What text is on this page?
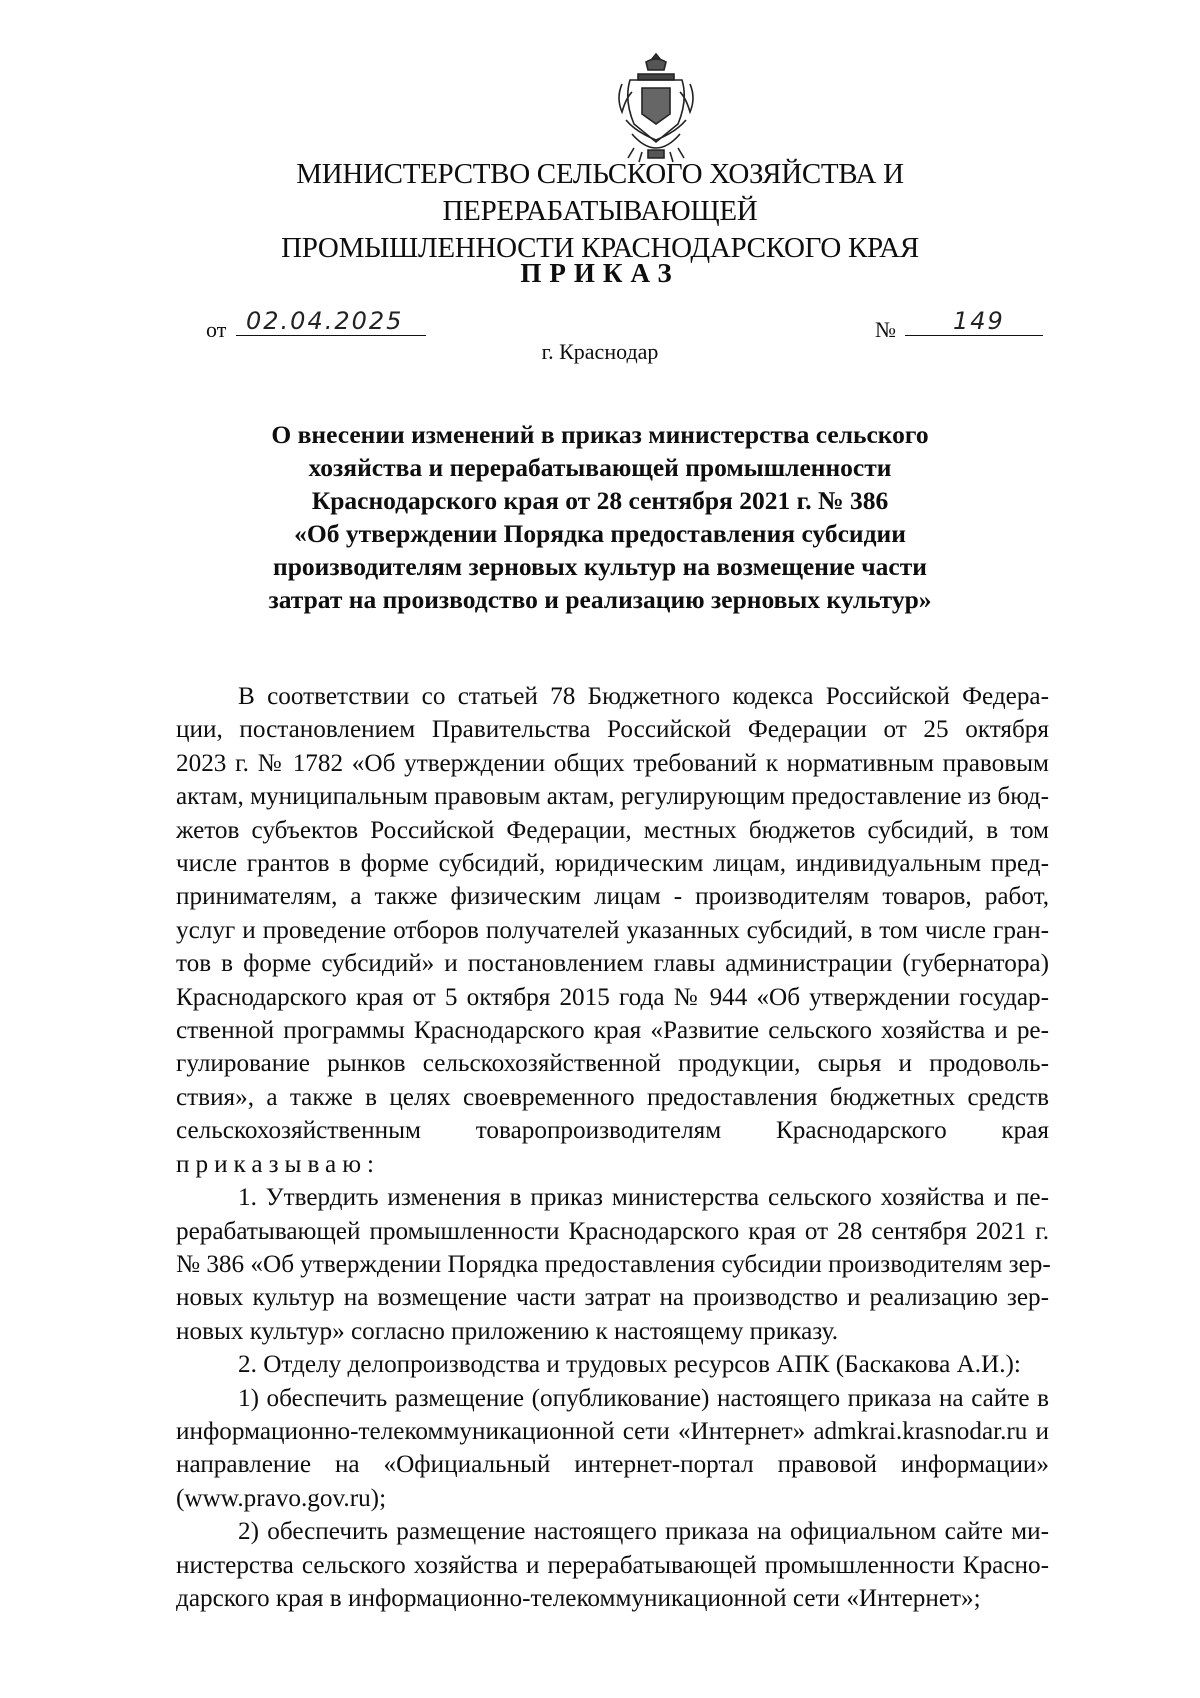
МИНИСТЕРСТВО СЕЛЬСКОГО ХОЗЯЙСТВА И ПЕРЕРАБАТЫВАЮЩЕЙ
ПРОМЫШЛЕННОСТИ КРАСНОДАРСКОГО КРАЯ
ПРИКАЗ
от 02.04.2025	№	149
г. Краснодар
О внесении изменений в приказ министерства сельского
хозяйства и перерабатывающей промышленности
Краснодарского края от 28 сентября 2021 г. № 386
«Об утверждении Порядка предоставления субсидии
производителям зерновых культур на возмещение части
затрат на производство и реализацию зерновых культур»
В соответствии со статьей 78 Бюджетного кодекса Российской Федера-
ции, постановлением Правительства Российской Федерации от 25 октября
2023 г. № 1782 «Об утверждении общих требований к нормативным правовым
актам, муниципальным правовым актам, регулирующим предоставление из бюд-
жетов субъектов Российской Федерации, местных бюджетов субсидий, в том
числе грантов в форме субсидий, юридическим лицам, индивидуальным пред-
принимателям, а также физическим лицам - производителям товаров, работ,
услуг и проведение отборов получателей указанных субсидий, в том числе гран-
тов в форме субсидий» и постановлением главы администрации (губернатора)
Краснодарского края от 5 октября 2015 года № 944 «Об утверждении государ-
ственной программы Краснодарского края «Развитие сельского хозяйства и ре-
гулирование рынков сельскохозяйственной продукции, сырья и продоволь-
ствия», а также в целях своевременного предоставления бюджетных средств
сельскохозяйственным товаропроизводителям Краснодарского края
приказываю:
1. Утвердить изменения в приказ министерства сельского хозяйства и пе-
рерабатывающей промышленности Краснодарского края от 28 сентября 2021 г.
№ 386 «Об утверждении Порядка предоставления субсидии производителям зер-
новых культур на возмещение части затрат на производство и реализацию зер-
новых культур» согласно приложению к настоящему приказу.
2. Отделу делопроизводства и трудовых ресурсов АПК (Баскакова А.И.):
1) обеспечить размещение (опубликование) настоящего приказа на сайте в
информационно-телекоммуникационной сети «Интернет» admkrai.krasnodar.ru и
направление на «Официальный интернет-портал правовой информации»
(www.pravo.gov.ru);
2) обеспечить размещение настоящего приказа на официальном сайте ми-
нистерства сельского хозяйства и перерабатывающей промышленности Красно-
дарского края в информационно-телекоммуникационной сети «Интернет»;
